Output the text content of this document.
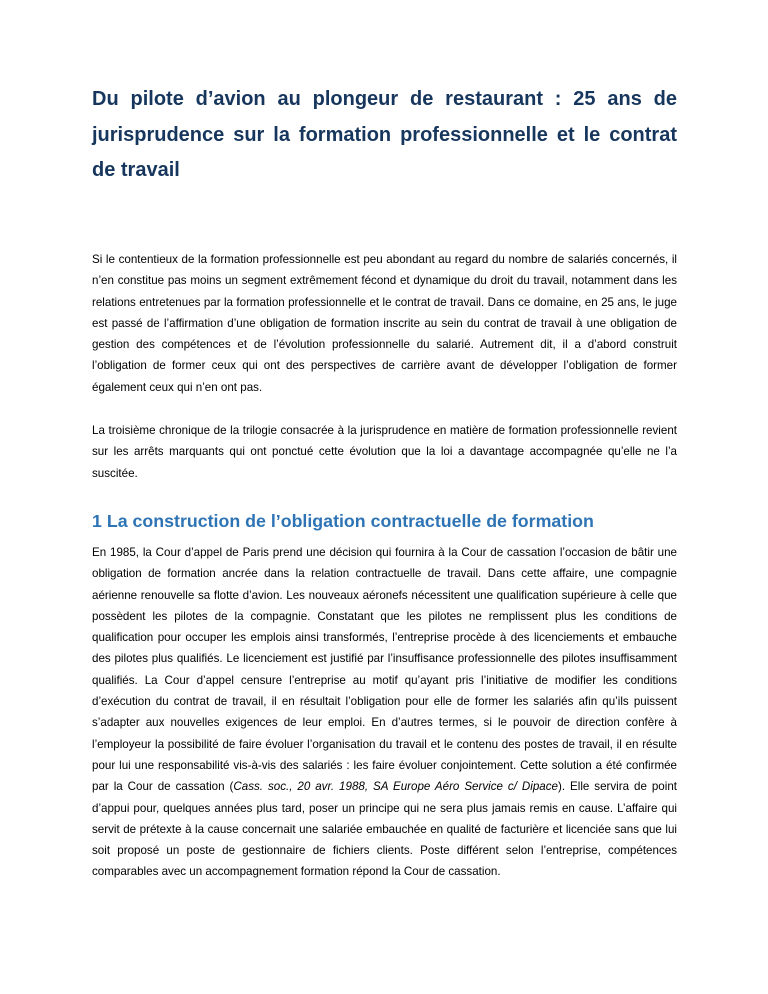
Du pilote d’avion au plongeur de restaurant : 25 ans de jurisprudence sur la formation professionnelle et le contrat de travail

Si le contentieux de la formation professionnelle est peu abondant au regard du nombre de salariés concernés, il n’en constitue pas moins un segment extrêmement fécond et dynamique du droit du travail, notamment dans les relations entretenues par la formation professionnelle et le contrat de travail. Dans ce domaine, en 25 ans, le juge est passé de l’affirmation d’une obligation de formation inscrite au sein du contrat de travail à une obligation de gestion des compétences et de l’évolution professionnelle du salarié. Autrement dit, il a d’abord construit l’obligation de former ceux qui ont des perspectives de carrière avant de développer l’obligation de former également ceux qui n’en ont pas.

La troisième chronique de la trilogie consacrée à la jurisprudence en matière de formation professionnelle revient sur les arrêts marquants qui ont ponctué cette évolution que la loi a davantage accompagnée qu’elle ne l’a suscitée.

1 La construction de l’obligation contractuelle de formation

En 1985, la Cour d’appel de Paris prend une décision qui fournira à la Cour de cassation l’occasion de bâtir une obligation de formation ancrée dans la relation contractuelle de travail. Dans cette affaire, une compagnie aérienne renouvelle sa flotte d’avion. Les nouveaux aéronefs nécessitent une qualification supérieure à celle que possèdent les pilotes de la compagnie. Constatant que les pilotes ne remplissent plus les conditions de qualification pour occuper les emplois ainsi transformés, l’entreprise procède à des licenciements et embauche des pilotes plus qualifiés. Le licenciement est justifié par l’insuffisance professionnelle des pilotes insuffisamment qualifiés. La Cour d’appel censure l’entreprise au motif qu’ayant pris l’initiative de modifier les conditions d’exécution du contrat de travail, il en résultait l’obligation pour elle de former les salariés afin qu’ils puissent s’adapter aux nouvelles exigences de leur emploi. En d’autres termes, si le pouvoir de direction confère à l’employeur la possibilité de faire évoluer l’organisation du travail et le contenu des postes de travail, il en résulte pour lui une responsabilité vis-à-vis des salariés : les faire évoluer conjointement. Cette solution a été confirmée par la Cour de cassation (Cass. soc., 20 avr. 1988, SA Europe Aéro Service c/ Dipace). Elle servira de point d’appui pour, quelques années plus tard, poser un principe qui ne sera plus jamais remis en cause. L’affaire qui servit de prétexte à la cause concernait une salariée embauchée en qualité de facturière et licenciée sans que lui soit proposé un poste de gestionnaire de fichiers clients. Poste différent selon l’entreprise, compétences comparables avec un accompagnement formation répond la Cour de cassation.
